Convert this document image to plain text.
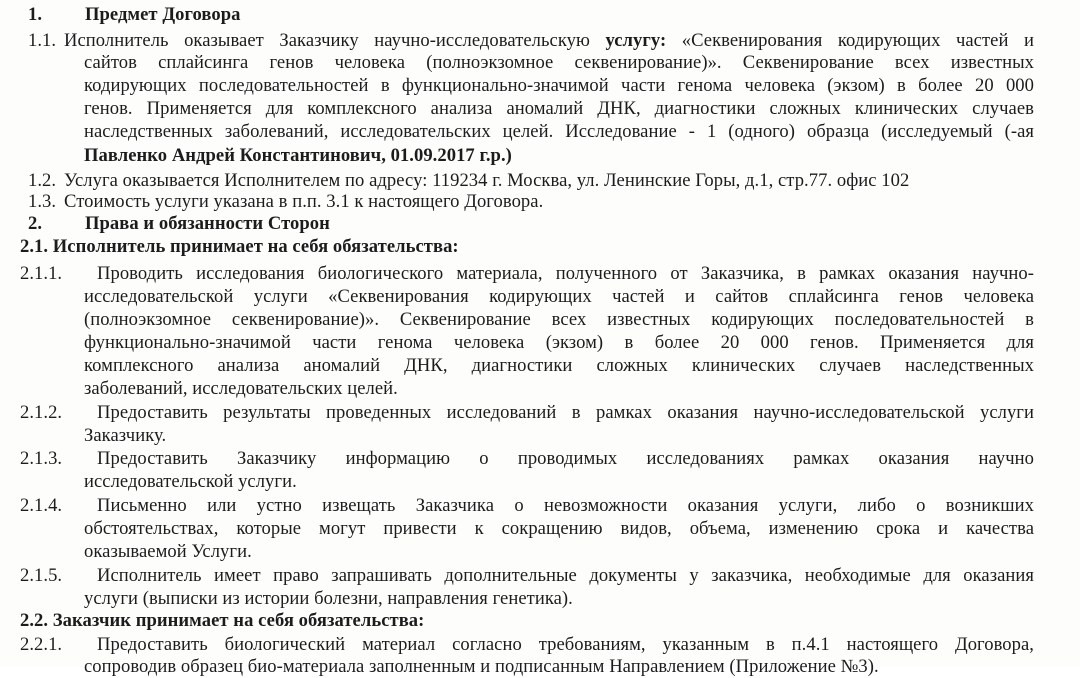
1. Предмет Договора
1.1. Исполнитель оказывает Заказчику научно-исследовательскую услугу: «Секвенирования кодирующих частей и
сайтов сплайсинга генов человека (полноэкзомное секвенирование)». Секвенирование всех известных
кодирующих последовательностей в функционально-значимой части генома человека (экзом) в более 20 000
генов. Применяется для комплексного анализа аномалий ДНК, диагностики сложных клинических случаев
наследственных заболеваний, исследовательских целей. Исследование - 1 (одного) образца (исследуемый (-ая
Павленко Андрей Константинович, 01.09.2017 г.р.)
1.2. Услуга оказывается Исполнителем по адресу: 119234 г. Москва, ул. Ленинские Горы, д.1, стр.77. офис 102
1.3. Стоимость услуги указана в п.п. 3.1 к настоящего Договора.
2. Права и обязанности Сторон
2.1. Исполнитель принимает на себя обязательства:
2.1.1. Проводить исследования биологического материала, полученного от Заказчика, в рамках оказания научно-
исследовательской услуги «Секвенирования кодирующих частей и сайтов сплайсинга генов человека
(полноэкзомное секвенирование)». Секвенирование всех известных кодирующих последовательностей в
функционально-значимой части генома человека (экзом) в более 20 000 генов. Применяется для
комплексного анализа аномалий ДНК, диагностики сложных клинических случаев наследственных
заболеваний, исследовательских целей.
2.1.2. Предоставить результаты проведенных исследований в рамках оказания научно-исследовательской услуги
Заказчику.
2.1.3. Предоставить Заказчику информацию о проводимых исследованиях рамках оказания научно
исследовательской услуги.
2.1.4. Письменно или устно извещать Заказчика о невозможности оказания услуги, либо о возникших
обстоятельствах, которые могут привести к сокращению видов, объема, изменению срока и качества
оказываемой Услуги.
2.1.5. Исполнитель имеет право запрашивать дополнительные документы у заказчика, необходимые для оказания
услуги (выписки из истории болезни, направления генетика).
2.2. Заказчик принимает на себя обязательства:
2.2.1. Предоставить биологический материал согласно требованиям, указанным в п.4.1 настоящего Договора,
сопроводив образец био-материала заполненным и подписанным Направлением (Приложение №3).
